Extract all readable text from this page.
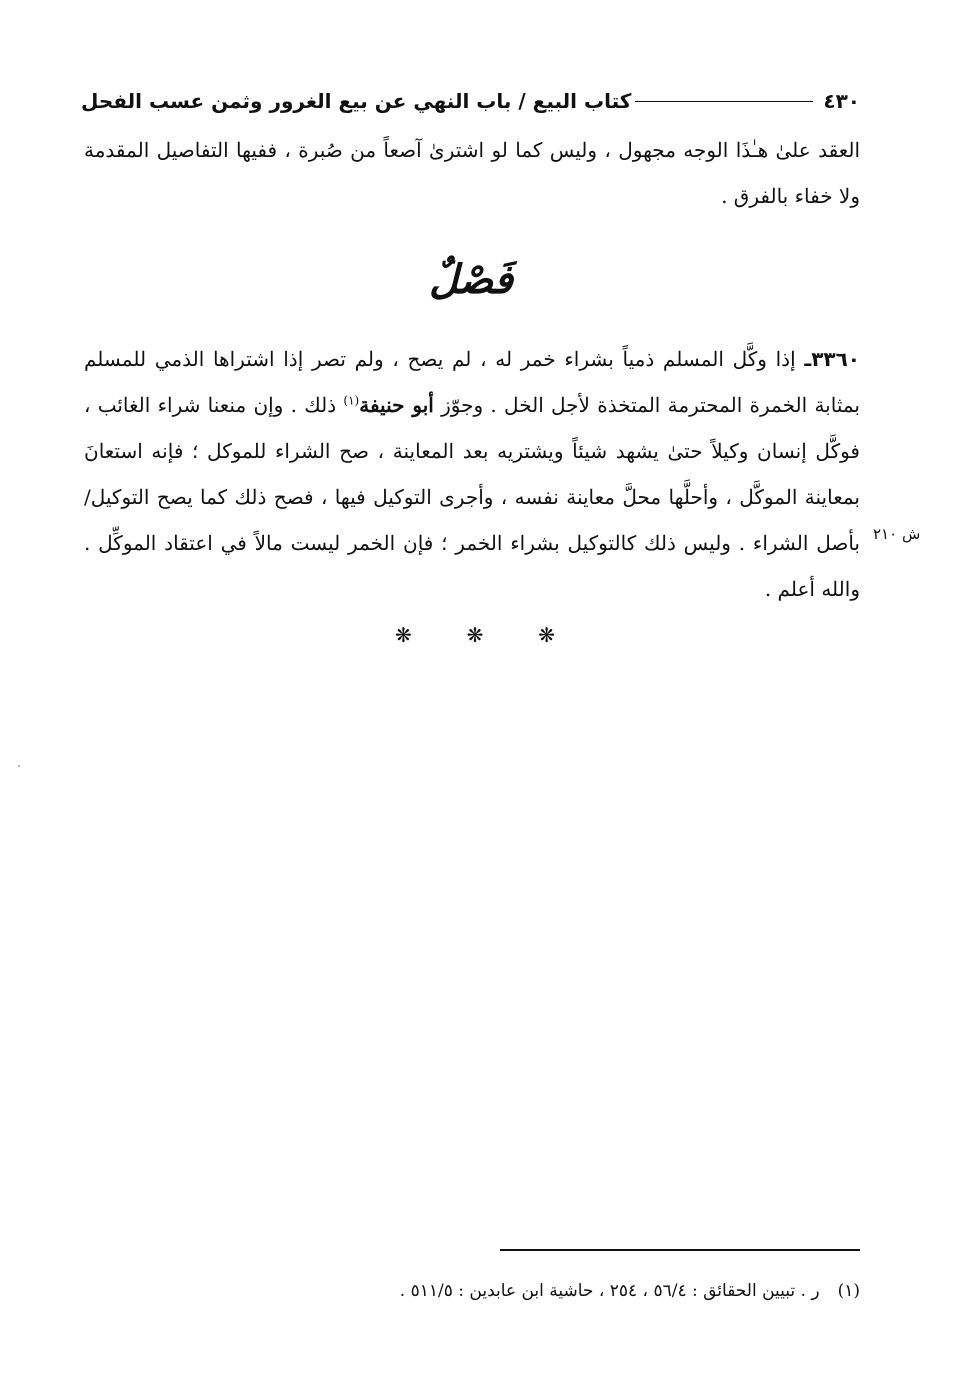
٤٣٠
كتاب البيع / باب النهي عن بيع الغرور وثمن عسب الفحل
العقد علىٰ هـٰذَا الوجه مجهول ، وليس كما لو اشترىٰ آصعاً من صُبرة ، ففيها التفاصيل المقدمة ولا خفاء بالفرق .
فَصْلٌ
٣٣٦٠ـ إذا وكَّل المسلم ذمياً بشراء خمر له ، لم يصح ، ولم تصر إذا اشتراها الذمي للمسلم بمثابة الخمرة المحترمة المتخذة لأجل الخل . وجوّز أبو حنيفة$^{(١)}$ ذلك . وإن منعنا شراء الغائب ، فوكَّل إنسان وكيلاً حتىٰ يشهد شيئاً ويشتريه بعد المعاينة ، صح الشراء للموكل ؛ فإنه استعانَ بمعاينة الموكَّل ، وأحلَّها محلَّ معاينة نفسه ، وأجرى التوكيل فيها ، فصح ذلك كما يصح التوكيل/ بأصل الشراء . وليس ذلك كالتوكيل بشراء الخمر ؛ فإن الخمر ليست مالاً في اعتقاد الموكِّل . والله أعلم .
ش ٢١٠
❋	❋	❋
(١)ر . تبيين الحقائق : ٥٦/٤ ، ٢٥٤ ، حاشية ابن عابدين : ٥١١/٥ .
